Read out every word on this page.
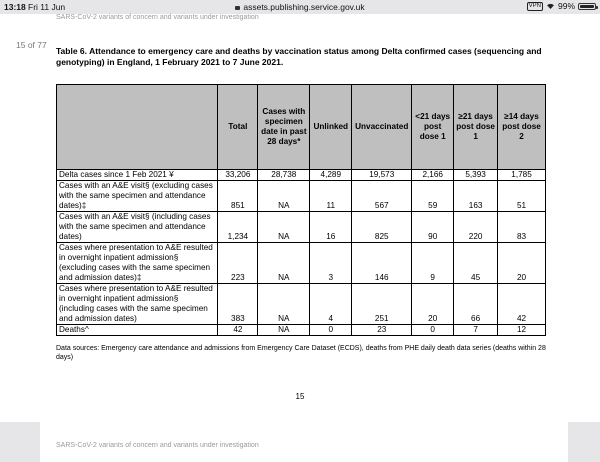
13:18 Fri 11 Jun	assets.publishing.service.gov.uk	VPN 99%
SARS-CoV-2 variants of concern and variants under investigation
15 of 77
Table 6. Attendance to emergency care and deaths by vaccination status among Delta confirmed cases (sequencing and genotyping) in England, 1 February 2021 to 7 June 2021.
	Total	Cases with specimen date in past 28 days*	Unlinked	Unvaccinated	<21 days post dose 1	≥21 days post dose 1	≥14 days post dose 2
Delta cases since 1 Feb 2021 ¥	33,206	28,738	4,289	19,573	2,166	5,393	1,785
Cases with an A&E visit§ (excluding cases with the same specimen and attendance dates)‡	851	NA	11	567	59	163	51
Cases with an A&E visit§ (including cases with the same specimen and attendance dates)	1,234	NA	16	825	90	220	83
Cases where presentation to A&E resulted in overnight inpatient admission§ (excluding cases with the same specimen and admission dates)‡	223	NA	3	146	9	45	20
Cases where presentation to A&E resulted in overnight inpatient admission§ (including cases with the same specimen and admission dates)	383	NA	4	251	20	66	42
Deaths^	42	NA	0	23	0	7	12
Data sources: Emergency care attendance and admissions from Emergency Care Dataset (ECDS), deaths from PHE daily death data series (deaths within 28 days)
15
SARS-CoV-2 variants of concern and variants under investigation
